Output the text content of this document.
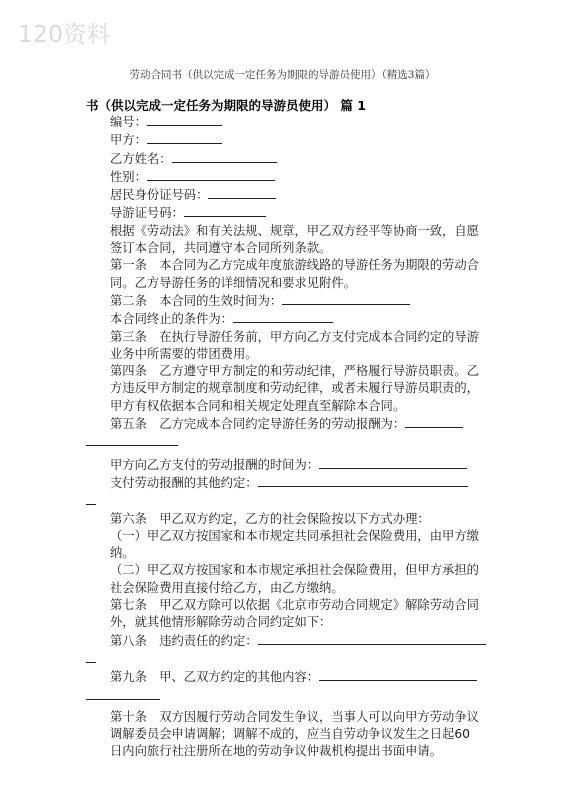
120资料
劳动合同书（供以完成一定任务为期限的导游员使用）（精选3篇）
书（供以完成一定任务为期限的导游员使用） 篇 1

编号：

甲方：

乙方姓名：

性别：

居民身份证号码：

导游证号码：

根据《劳动法》和有关法规、规章，甲乙双方经平等协商一致，自愿签订本合同，共同遵守本合同所列条款。

第一条　本合同为乙方完成年度旅游线路的导游任务为期限的劳动合同。乙方导游任务的详细情况和要求见附件。

第二条　本合同的生效时间为：

本合同终止的条件为：

第三条　在执行导游任务前，甲方向乙方支付完成本合同约定的导游业务中所需要的带团费用。

第四条　乙方遵守甲方制定的和劳动纪律，严格履行导游员职责。乙方违反甲方制定的规章制度和劳动纪律，或者未履行导游员职责的，甲方有权依据本合同和相关规定处理直至解除本合同。

第五条　乙方完成本合同约定导游任务的劳动报酬为：

甲方向乙方支付的劳动报酬的时间为：

支付劳动报酬的其他约定：

第六条　甲乙双方约定，乙方的社会保险按以下方式办理：

（一）甲乙双方按国家和本市规定共同承担社会保险费用，由甲方缴纳。

（二）甲乙双方按国家和本市规定承担社会保险费用，但甲方承担的社会保险费用直接付给乙方，由乙方缴纳。

第七条　甲乙双方除可以依据《北京市劳动合同规定》解除劳动合同外，就其他情形解除劳动合同约定如下：

第八条　违约责任的约定：

第九条　甲、乙双方约定的其他内容：

第十条　双方因履行劳动合同发生争议，当事人可以向甲方劳动争议调解委员会申请调解；调解不成的，应当自劳动争议发生之日起60日内向旅行社注册所在地的劳动争议仲裁机构提出书面申请。
